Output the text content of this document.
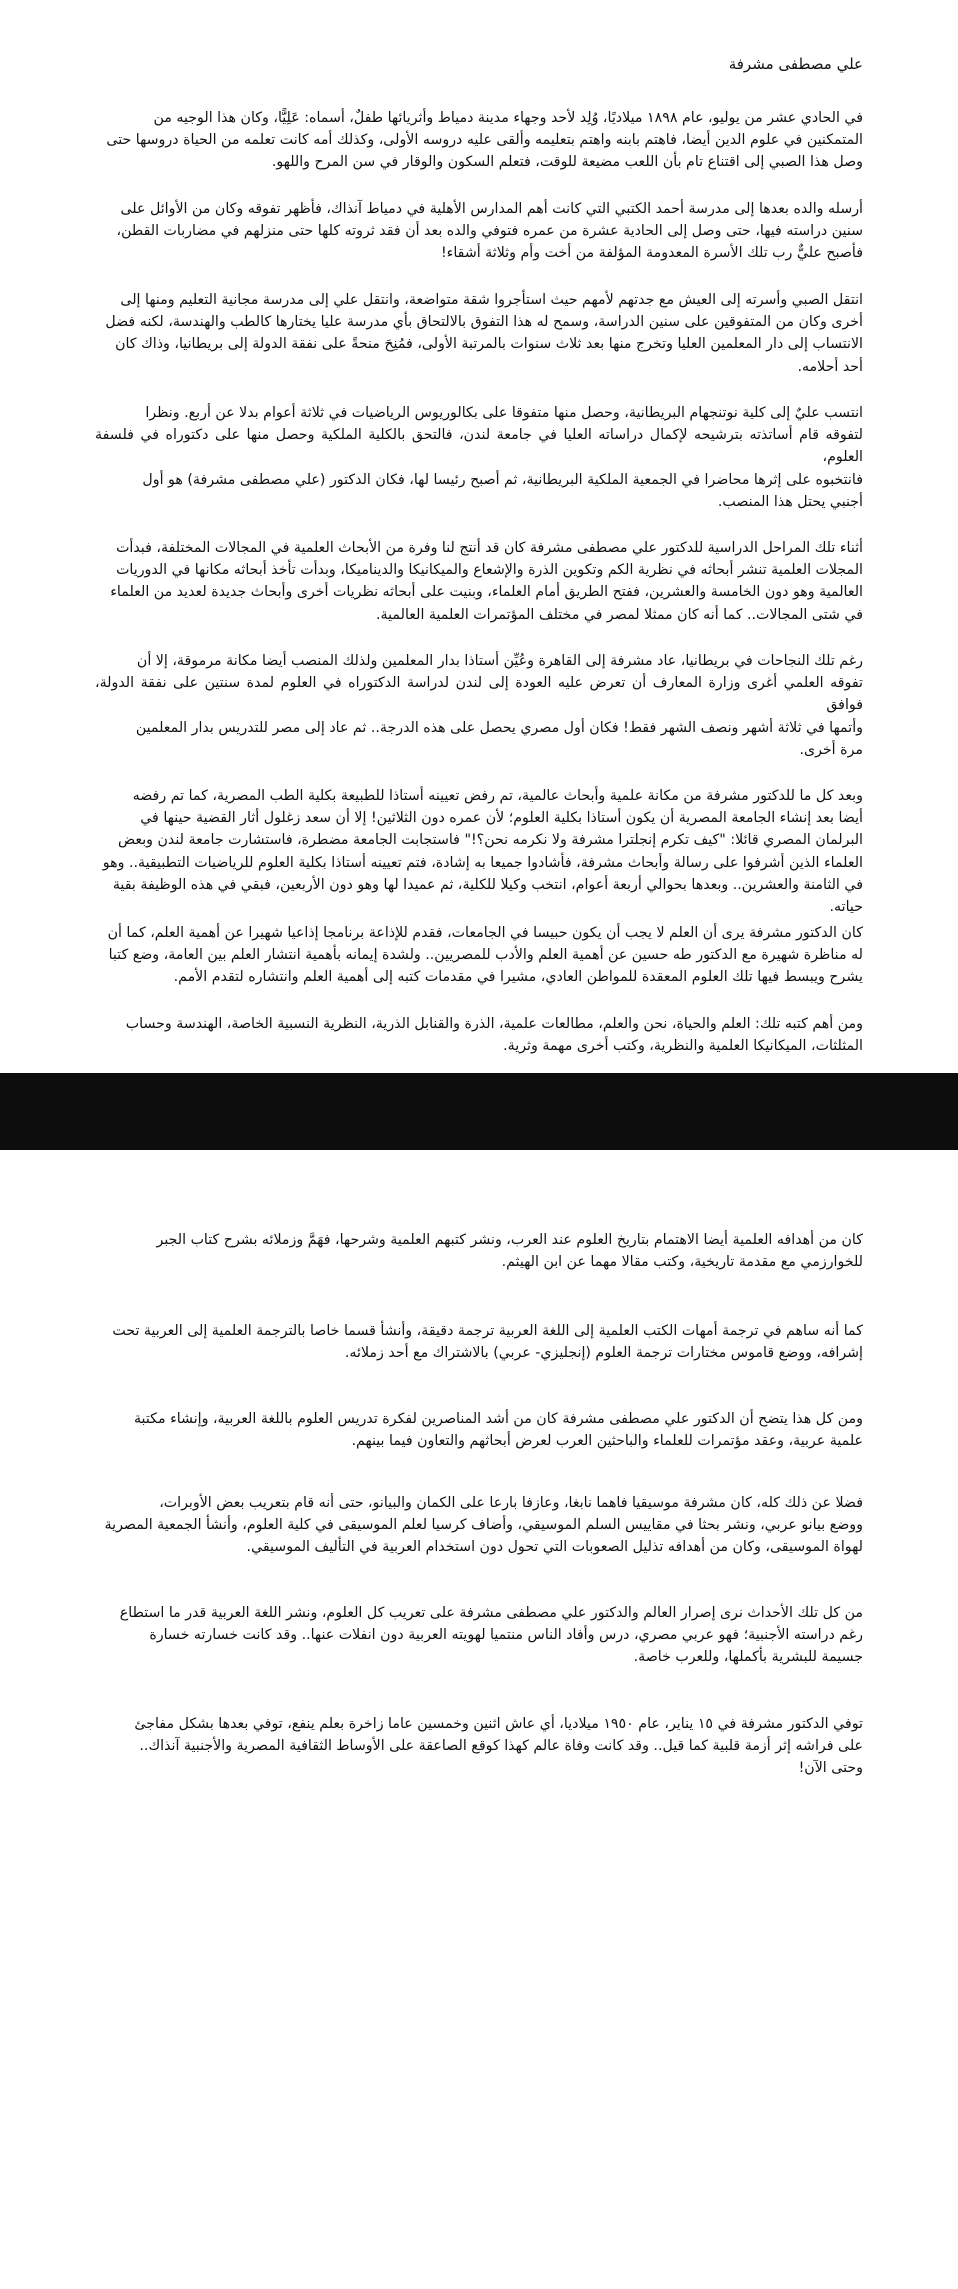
علي مصطفى مشرفة

في الحادي عشر من يوليو، عام ١٨٩٨ ميلاديًا، وُلِد لأحد وجهاء مدينة دمياط وأثريائها طفلٌ، أسماه: عَلِيًّا، وكان هذا الوجيه من
المتمكنين في علوم الدين أيضا، فاهتم بابنه واهتم بتعليمه وألقى عليه دروسه الأولى، وكذلك أمه كانت تعلمه من الحياة دروسها حتى
وصل هذا الصبي إلى اقتناع تام بأن اللعب مضيعة للوقت، فتعلم السكون والوقار في سن المرح واللهو.

أرسله والده بعدها إلى مدرسة أحمد الكتبي التي كانت أهم المدارس الأهلية في دمياط آنذاك، فأظهر تفوقه وكان من الأوائل على
سنين دراسته فيها، حتى وصل إلى الحادية عشرة من عمره فتوفي والده بعد أن فقد ثروته كلها حتى منزلهم في مضاربات القطن،
فأصبح عليٌّ رب تلك الأسرة المعدومة المؤلفة من أخت وأم وثلاثة أشقاء!

انتقل الصبي وأسرته إلى العيش مع جدتهم لأمهم حيث استأجروا شقة متواضعة، وانتقل علي إلى مدرسة مجانية التعليم ومنها إلى
أخرى وكان من المتفوقين على سنين الدراسة، وسمح له هذا التفوق بالالتحاق بأي مدرسة عليا يختارها كالطب والهندسة، لكنه فضل
الانتساب إلى دار المعلمين العليا وتخرج منها بعد ثلاث سنوات بالمرتبة الأولى، فمُنِحَ منحةً على نفقة الدولة إلى بريطانيا، وذاك كان
أحد أحلامه.

انتسب عليٌ إلى كلية نوتنجهام البريطانية، وحصل منها متفوقا على بكالوريوس الرياضيات في ثلاثة أعوام بدلا عن أربع. ونظرا
لتفوقه قام أساتذته بترشيحه لإكمال دراساته العليا في جامعة لندن، فالتحق بالكلية الملكية وحصل منها على دكتوراه في فلسفة العلوم،
فانتخبوه على إثرها محاضرا في الجمعية الملكية البريطانية، ثم أصبح رئيسا لها، فكان الدكتور (علي مصطفى مشرفة) هو أول
أجنبي يحتل هذا المنصب.

أثناء تلك المراحل الدراسية للدكتور علي مصطفى مشرفة كان قد أنتج لنا وفرة من الأبحاث العلمية في المجالات المختلفة، فبدأت
المجلات العلمية تنشر أبحاثه في نظرية الكم وتكوين الذرة والإشعاع والميكانيكا والديناميكا، وبدأت تأخذ أبحاثه مكانها في الدوريات
العالمية وهو دون الخامسة والعشرين، ففتح الطريق أمام العلماء، وبنيت على أبحاثه نظريات أخرى وأبحاث جديدة لعديد من العلماء
في شتى المجالات.. كما أنه كان ممثلا لمصر في مختلف المؤتمرات العلمية العالمية.

رغم تلك النجاحات في بريطانيا، عاد مشرفة إلى القاهرة وعُيِّن أستاذا بدار المعلمين ولذلك المنصب أيضا مكانة مرموقة، إلا أن
تفوقه العلمي أغرى وزارة المعارف أن تعرض عليه العودة إلى لندن لدراسة الدكتوراه في العلوم لمدة سنتين على نفقة الدولة، فوافق
وأتمها في ثلاثة أشهر ونصف الشهر فقط! فكان أول مصري يحصل على هذه الدرجة.. ثم عاد إلى مصر للتدريس بدار المعلمين
مرة أخرى.

وبعد كل ما للدكتور مشرفة من مكانة علمية وأبحاث عالمية، تم رفض تعيينه أستاذا للطبيعة بكلية الطب المصرية، كما تم رفضه
أيضا بعد إنشاء الجامعة المصرية أن يكون أستاذا بكلية العلوم؛ لأن عمره دون الثلاثين! إلا أن سعد زغلول أثار القضية حينها في
البرلمان المصري قائلا: "كيف تكرم إنجلترا مشرفة ولا نكرمه نحن؟!" فاستجابت الجامعة مضطرة، فاستشارت جامعة لندن وبعض
العلماء الذين أشرفوا على رسالة وأبحاث مشرفة، فأشادوا جميعا به إشادة، فتم تعيينه أستاذا بكلية العلوم للرياضيات التطبيقية.. وهو
في الثامنة والعشرين.. وبعدها بحوالي أربعة أعوام، انتخب وكيلا للكلية، ثم عميدا لها وهو دون الأربعين، فبقي في هذه الوظيفة بقية
حياته.

كان الدكتور مشرفة يرى أن العلم لا يجب أن يكون حبيسا في الجامعات، فقدم للإذاعة برنامجا إذاعيا شهيرا عن أهمية العلم، كما أن
له مناظرة شهيرة مع الدكتور طه حسين عن أهمية العلم والأدب للمصريين.. ولشدة إيمانه بأهمية انتشار العلم بين العامة، وضع كتبا
يشرح ويبسط فيها تلك العلوم المعقدة للمواطن العادي، مشيرا في مقدمات كتبه إلى أهمية العلم وانتشاره لتقدم الأمم.

ومن أهم كتبه تلك: العلم والحياة، نحن والعلم، مطالعات علمية، الذرة والقنابل الذرية، النظرية النسبية الخاصة، الهندسة وحساب
المثلثات، الميكانيكا العلمية والنظرية، وكتب أخرى مهمة وثرية.

كان من أهدافه العلمية أيضا الاهتمام بتاريخ العلوم عند العرب، ونشر كتبهم العلمية وشرحها، فهَمَّ وزملائه بشرح كتاب الجبر
للخوارزمي مع مقدمة تاريخية، وكتب مقالا مهما عن ابن الهيثم.

كما أنه ساهم في ترجمة أمهات الكتب العلمية إلى اللغة العربية ترجمة دقيقة، وأنشأ قسما خاصا بالترجمة العلمية إلى العربية تحت
إشرافه، ووضع قاموس مختارات ترجمة العلوم (إنجليزي- عربي) بالاشتراك مع أحد زملائه.

ومن كل هذا يتضح أن الدكتور علي مصطفى مشرفة كان من أشد المناصرين لفكرة تدريس العلوم باللغة العربية، وإنشاء مكتبة
علمية عربية، وعقد مؤتمرات للعلماء والباحثين العرب لعرض أبحاثهم والتعاون فيما بينهم.

فضلا عن ذلك كله، كان مشرفة موسيقيا فاهما نابغا، وعازفا بارعا على الكمان والبيانو، حتى أنه قام بتعريب بعض الأوبرات،
ووضع بيانو عربي، ونشر بحثا في مقاييس السلم الموسيقي، وأضاف كرسيا لعلم الموسيقى في كلية العلوم، وأنشأ الجمعية المصرية
لهواة الموسيقى، وكان من أهدافه تذليل الصعوبات التي تحول دون استخدام العربية في التأليف الموسيقي.

من كل تلك الأحداث نرى إصرار العالم والدكتور علي مصطفى مشرفة على تعريب كل العلوم، ونشر اللغة العربية قدر ما استطاع
رغم دراسته الأجنبية؛ فهو عربي مصري، درس وأفاد الناس منتميا لهويته العربية دون انفلات عنها.. وقد كانت خسارته خسارة
جسيمة للبشرية بأكملها، وللعرب خاصة.

توفي الدكتور مشرفة في ١٥ يناير، عام ١٩٥٠ ميلاديا، أي عاش اثنين وخمسين عاما زاخرة بعلم ينفع، توفي بعدها بشكل مفاجئ
على فراشه إثر أزمة قلبية كما قيل.. وقد كانت وفاة عالم كهذا كوقع الصاعقة على الأوساط الثقافية المصرية والأجنبية آنذاك..
وحتى الآن!
